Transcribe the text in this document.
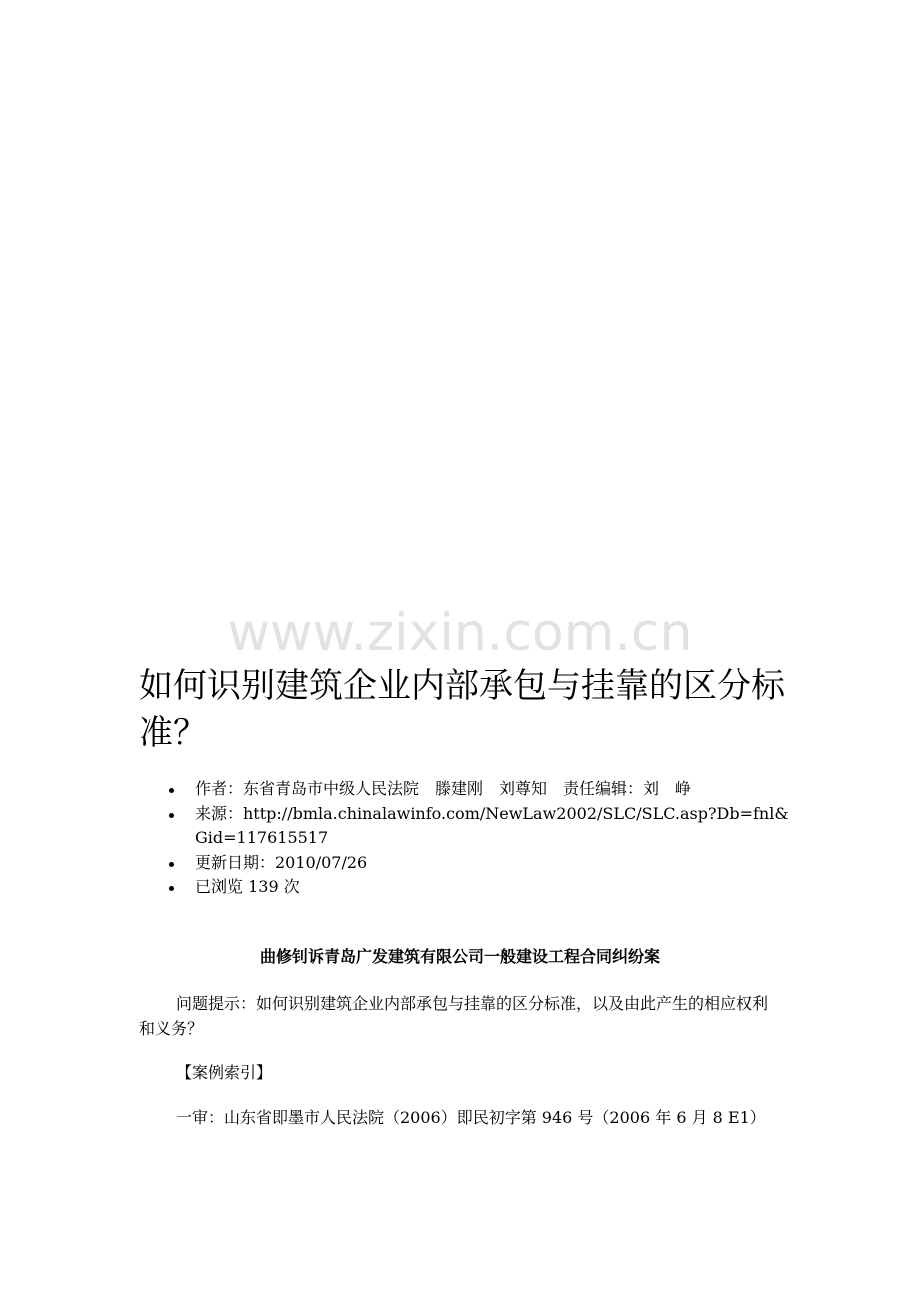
www.zixin.com.cn
如何识别建筑企业内部承包与挂靠的区分标准？
作者：东省青岛市中级人民法院　滕建刚　刘尊知　责任编辑：刘　峥
来源：http://bmla.chinalawinfo.com/NewLaw2002/SLC/SLC.asp?Db=fnl&Gid=117615517
更新日期：2010/07/26
已浏览 139 次
曲修钊诉青岛广发建筑有限公司一般建设工程合同纠纷案

问题提示：如何识别建筑企业内部承包与挂靠的区分标准，以及由此产生的相应权利和义务？

【案例索引】

一审：山东省即墨市人民法院（2006）即民初字第 946 号（2006 年 6 月 8 E1）
